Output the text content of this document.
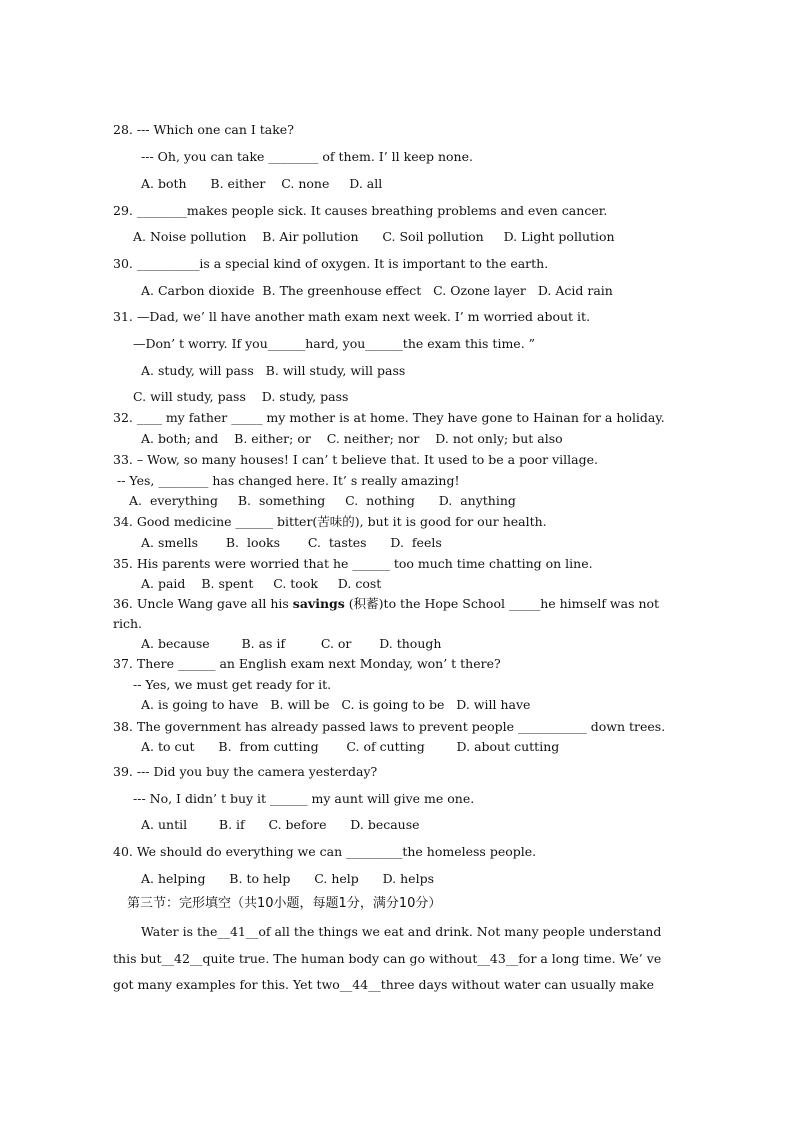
28. --- Which one can I take?
--- Oh, you can take ________ of them. I’ ll keep none.
A. both      B. either    C. none     D. all
29. ________makes people sick. It causes breathing problems and even cancer.
A. Noise pollution    B. Air pollution      C. Soil pollution     D. Light pollution
30. __________is a special kind of oxygen. It is important to the earth.
A. Carbon dioxide  B. The greenhouse effect   C. Ozone layer   D. Acid rain
31. —Dad, we’ ll have another math exam next week. I’ m worried about it.
—Don’ t worry. If you______hard, you______the exam this time. ”
A. study, will pass   B. will study, will pass
C. will study, pass    D. study, pass
32. ____ my father _____ my mother is at home. They have gone to Hainan for a holiday.
A. both; and    B. either; or    C. neither; nor    D. not only; but also
33. – Wow, so many houses! I can’ t believe that. It used to be a poor village.
-- Yes, ________ has changed here. It’ s really amazing!
A.  everything     B.  something     C.  nothing      D.  anything
34. Good medicine ______ bitter(苦味的), but it is good for our health.
A. smells       B.  looks       C.  tastes      D.  feels
35. His parents were worried that he ______ too much time chatting on line.
A. paid    B. spent     C. took     D. cost
36. Uncle Wang gave all his savings (积蓄)to the Hope School _____he himself was not
rich.
A. because        B. as if         C. or       D. though
37. There ______ an English exam next Monday, won’ t there?
-- Yes, we must get ready for it.
A. is going to have   B. will be   C. is going to be   D. will have
38. The government has already passed laws to prevent people ___________ down trees.
A. to cut      B.  from cutting       C. of cutting        D. about cutting
39. --- Did you buy the camera yesterday?
--- No, I didn’ t buy it ______ my aunt will give me one.
A. until        B. if      C. before      D. because
40. We should do everything we can _________the homeless people.
A. helping      B. to help      C. help      D. helps
第三节：完形填空（共10小题，每题1分，满分10分）
Water is the__41__of all the things we eat and drink. Not many people understand
this but__42__quite true. The human body can go without__43__for a long time. We’ ve
got many examples for this. Yet two__44__three days without water can usually make
